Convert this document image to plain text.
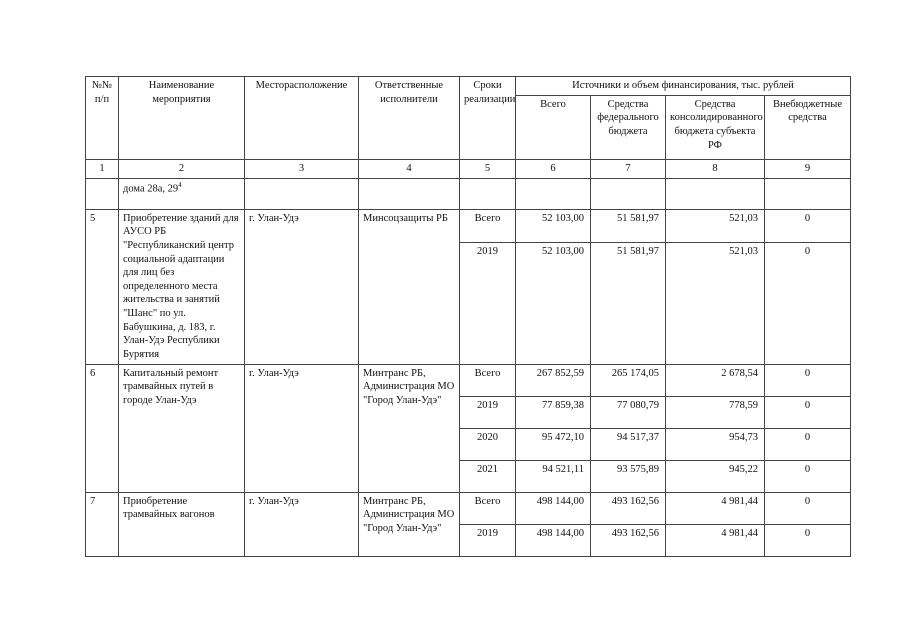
№№ п/п	Наименование мероприятия	Месторасположение	Ответственные исполнители	Сроки реализации	Источники и объем финансирования, тыс. рублей			
					Всего	Средства федерального бюджета	Средства консолидированного бюджета субъекта РФ	Внебюджетные средства
1	2	3	4	5	6	7	8	9
	дома 28а, $29^4$							
5	Приобретение зданий для АУСО РБ "Республиканский центр социальной адаптации для лиц без определенного места жительства и занятий "Шанс" по ул. Бабушкина, д. 183, г. Улан-Удэ Республики Бурятия	г. Улан-Удэ	Минсоцзащиты РБ	Всего	52 103,00	51 581,97	521,03	0
				2019	52 103,00	51 581,97	521,03	0
6	Капитальный ремонт трамвайных путей в городе Улан-Удэ	г. Улан-Удэ	Минтранс РБ, Администрация МО "Город Улан-Удэ"	Всего	267 852,59	265 174,05	2 678,54	0
				2019	77 859,38	77 080,79	778,59	0
				2020	95 472,10	94 517,37	954,73	0
				2021	94 521,11	93 575,89	945,22	0
7	Приобретение трамвайных вагонов	г. Улан-Удэ	Минтранс РБ, Администрация МО "Город Улан-Удэ"	Всего	498 144,00	493 162,56	4 981,44	0
				2019	498 144,00	493 162,56	4 981,44	0
